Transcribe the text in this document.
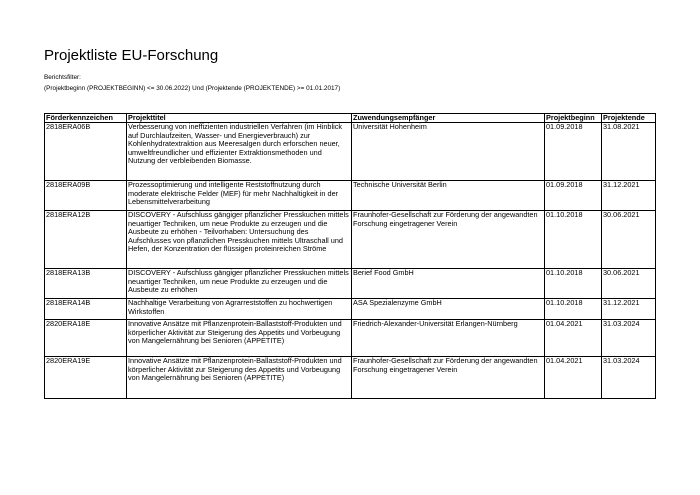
Projektliste EU-Forschung
Berichtsfilter:
(Projektbeginn (PROJEKTBEGINN) <= 30.06.2022) Und (Projektende (PROJEKTENDE) >= 01.01.2017)
Förderkennzeichen	Projekttitel	Zuwendungsempfänger	Projektbeginn	Projektende
2818ERA06B	Verbesserung von ineffizienten industriellen Verfahren (im Hinblick auf Durchlaufzeiten, Wasser- und Energieverbrauch) zur Kohlenhydratextraktion aus Meeresalgen durch erforschen neuer, umweltfreundlicher und effizienter Extraktionsmethoden und Nutzung der verbleibenden Biomasse.	Universität Hohenheim	01.09.2018	31.08.2021
2818ERA09B	Prozessoptimierung und intelligente Reststoffnutzung durch moderate elektrische Felder (MEF) für mehr Nachhaltigkeit in der Lebensmittelverarbeitung	Technische Universität Berlin	01.09.2018	31.12.2021
2818ERA12B	DISCOVERY - Aufschluss gängiger pflanzlicher Presskuchen mittels neuartiger Techniken, um neue Produkte zu erzeugen und die Ausbeute zu erhöhen - Teilvorhaben: Untersuchung des Aufschlusses von pflanzlichen Presskuchen mittels Ultraschall und Hefen, der Konzentration der flüssigen proteinreichen Ströme	Fraunhofer-Gesellschaft zur Förderung der angewandten Forschung eingetragener Verein	01.10.2018	30.06.2021
2818ERA13B	DISCOVERY - Aufschluss gängiger pflanzlicher Presskuchen mittels neuartiger Techniken, um neue Produkte zu erzeugen und die Ausbeute zu erhöhen	Berief Food GmbH	01.10.2018	30.06.2021
2818ERA14B	Nachhaltige Verarbeitung von Agrarreststoffen zu hochwertigen Wirkstoffen	ASA Spezialenzyme GmbH	01.10.2018	31.12.2021
2820ERA18E	Innovative Ansätze mit Pflanzenprotein-Ballaststoff-Produkten und körperlicher Aktivität zur Steigerung des Appetits und Vorbeugung von Mangelernährung bei Senioren (APPETITE)	Friedrich-Alexander-Universität Erlangen-Nürnberg	01.04.2021	31.03.2024
2820ERA19E	Innovative Ansätze mit Pflanzenprotein-Ballaststoff-Produkten und körperlicher Aktivität zur Steigerung des Appetits und Vorbeugung von Mangelernährung bei Senioren (APPETITE)	Fraunhofer-Gesellschaft zur Förderung der angewandten Forschung eingetragener Verein	01.04.2021	31.03.2024
